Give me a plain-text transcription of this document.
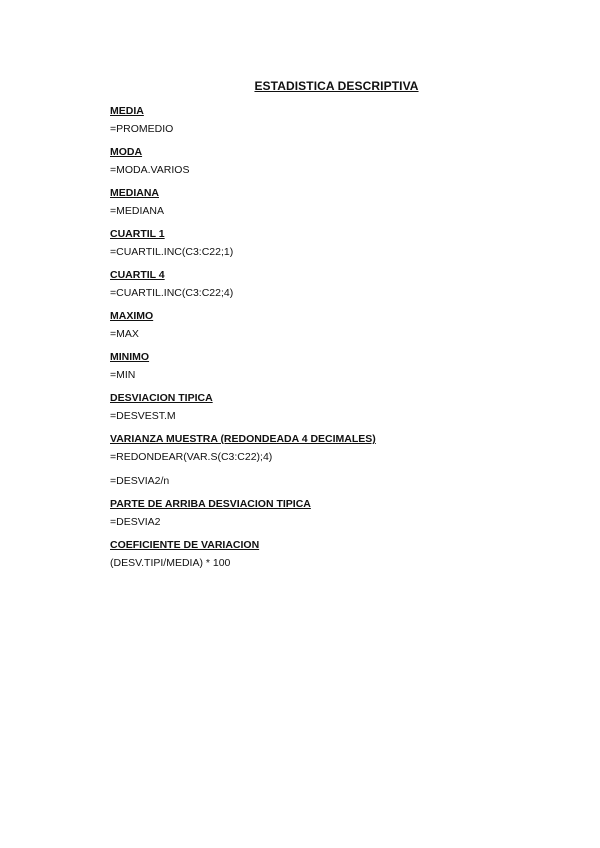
ESTADISTICA DESCRIPTIVA
MEDIA
=PROMEDIO
MODA
=MODA.VARIOS
MEDIANA
=MEDIANA
CUARTIL 1
=CUARTIL.INC(C3:C22;1)
CUARTIL 4
=CUARTIL.INC(C3:C22;4)
MAXIMO
=MAX
MINIMO
=MIN
DESVIACION TIPICA
=DESVEST.M
VARIANZA MUESTRA (REDONDEADA 4 DECIMALES)
=REDONDEAR(VAR.S(C3:C22);4)
=DESVIA2/n
PARTE DE ARRIBA DESVIACION TIPICA
=DESVIA2
COEFICIENTE DE VARIACION
(DESV.TIPI/MEDIA) * 100
